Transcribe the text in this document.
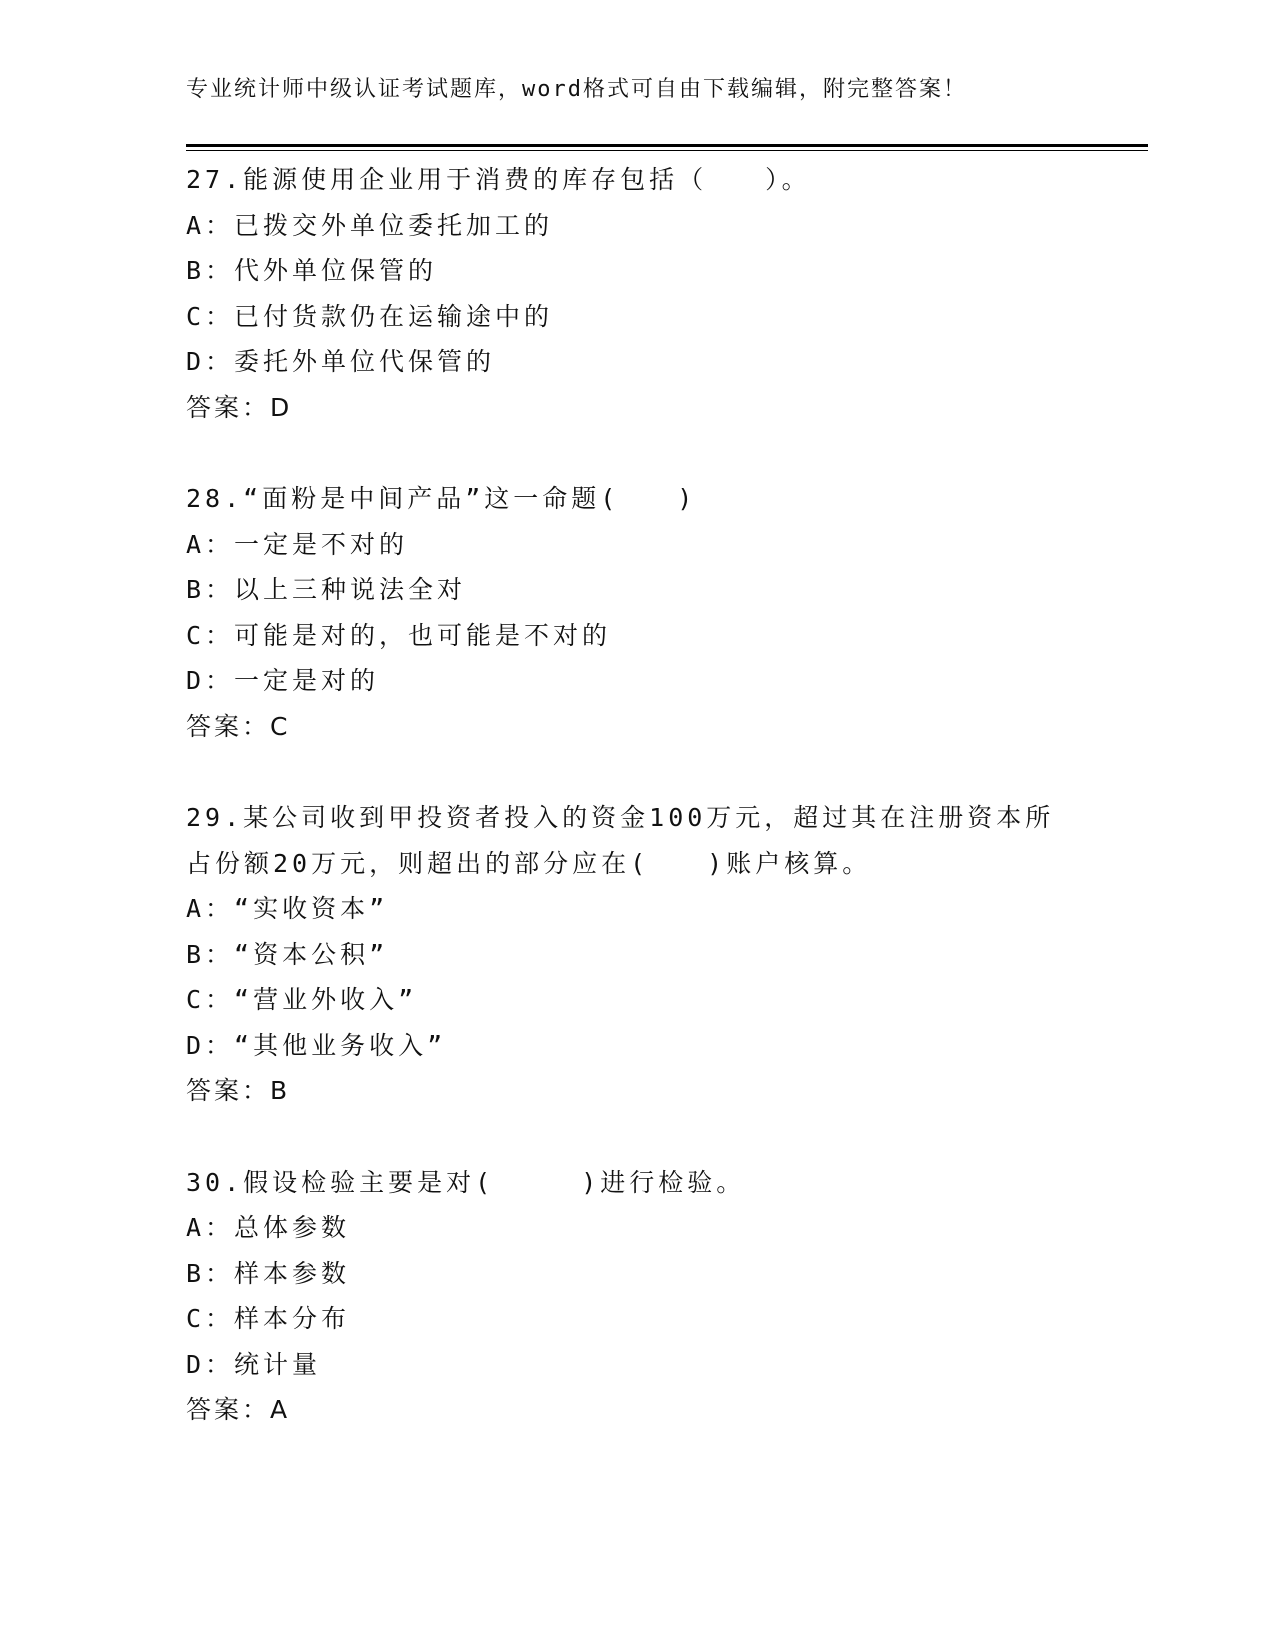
专业统计师中级认证考试题库，word格式可自由下载编辑，附完整答案！
27.能源使用企业用于消费的库存包括（　　）。
A：已拨交外单位委托加工的
B：代外单位保管的
C：已付货款仍在运输途中的
D：委托外单位代保管的
答案：D
28.“面粉是中间产品”这一命题(　　)
A：一定是不对的
B：以上三种说法全对
C：可能是对的，也可能是不对的
D：一定是对的
答案：C
29.某公司收到甲投资者投入的资金100万元，超过其在注册资本所占份额20万元，则超出的部分应在(　　)账户核算。
A：“实收资本”
B：“资本公积”
C：“营业外收入”
D：“其他业务收入”
答案：B
30.假设检验主要是对(　　　)进行检验。
A：总体参数
B：样本参数
C：样本分布
D：统计量
答案：A
